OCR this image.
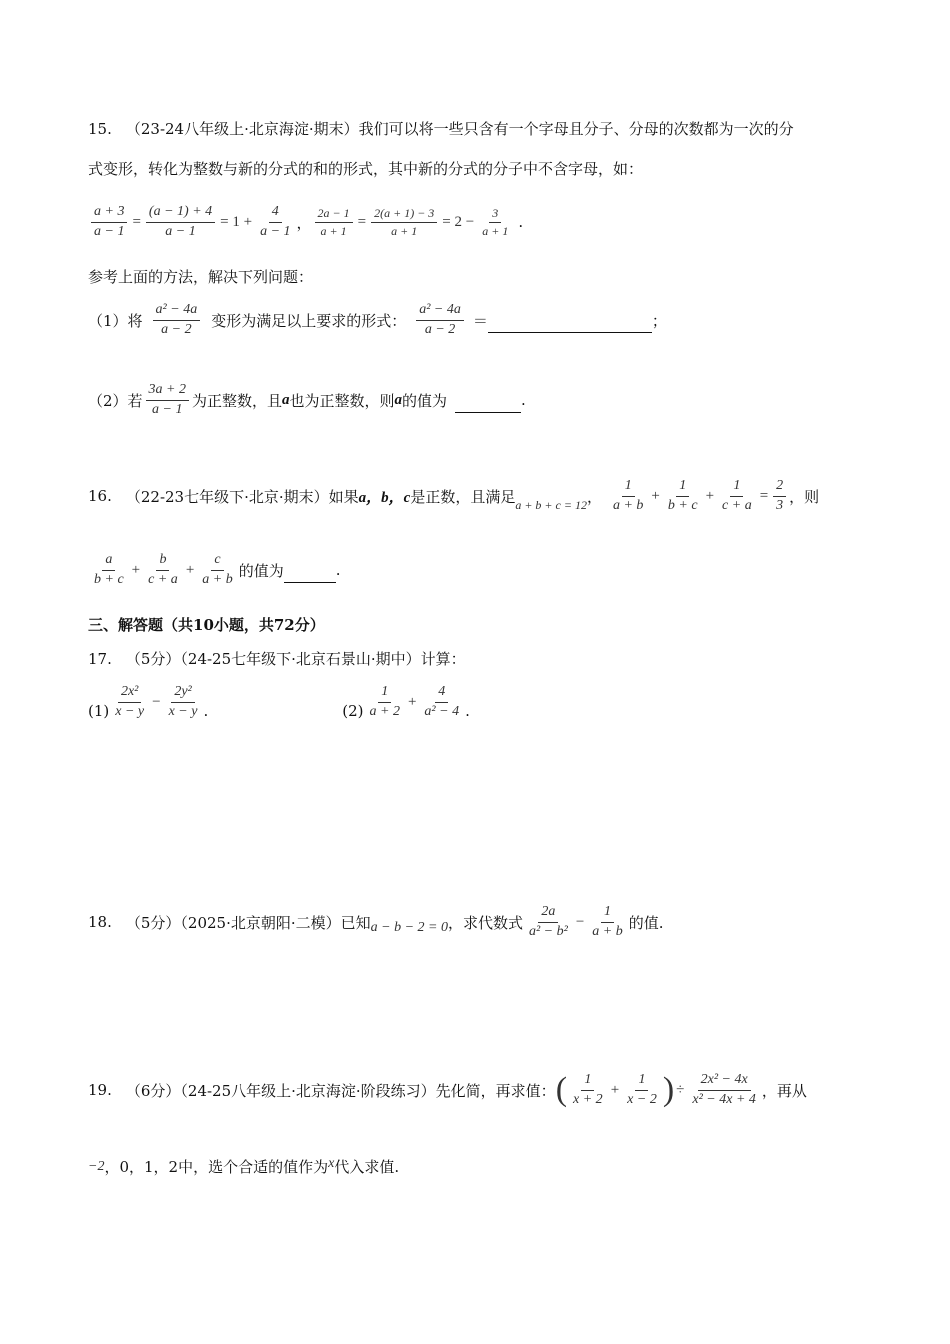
15. （23-24八年级上·北京海淀·期末）我们可以将一些只含有一个字母且分子、分母的次数都为一次的分
式变形，转化为整数与新的分式的和的形式，其中新的分式的分子中不含字母，如：
$\frac{a + 3}{a - 1} = \frac{(a - 1) + 4}{a - 1} = 1 + \frac{4}{a - 1}$ ， $\frac{2a - 1}{a + 1} = \frac{2(a + 1) - 3}{a + 1} = 2 - \frac{3}{a + 1}$ .
参考上面的方法，解决下列问题：
（1）将 $\frac{\text{a² − 4a}}{a - 2}$ 变形为满足以上要求的形式： $\frac{\text{a² − 4a}}{a - 2}$ ＝	；
（2）若 $\frac{3a + 2}{a - 1}$ 为正整数，且 a 也为正整数，则 a 的值为	.
16. （22-23七年级下·北京·期末）如果 a，b，c 是正数，且满足 a + b + c = 12 ， $\frac{1}{a + b} + \frac{1}{b + c} + \frac{1}{c + a} = \frac{2}{3}$ ，则
$\frac{a}{b + c} + \frac{b}{c + a} + \frac{c}{a + b}$ 的值为	.
三、解答题（共10小题，共72分）
17. （5分）（24-25七年级下·北京石景山·期中）计算：
$(1) \frac{\text{2x²}}{x - y} - \frac{\text{2y²}}{x - y}$ .	$(2) \frac{1}{a + 2} + \frac{4}{\text{a² − 4}}$ .
18. （5分）（2025·北京朝阳·二模）已知 a − b − 2 = 0 ，求代数式 $\frac{2a}{\text{a² − b²}} - \frac{1}{a + b}$ 的值.
19. （6分）（24-25八年级上·北京海淀·阶段练习）先化简，再求值： ( $\frac{1}{x + 2} + \frac{1}{x - 2}$ ) ÷ $\frac{\text{2x² − 4x}}{\text{x² − 4x + 4}}$ ，再从
−2 ，0，1，2中，选个合适的值作为 x 代入求值.
